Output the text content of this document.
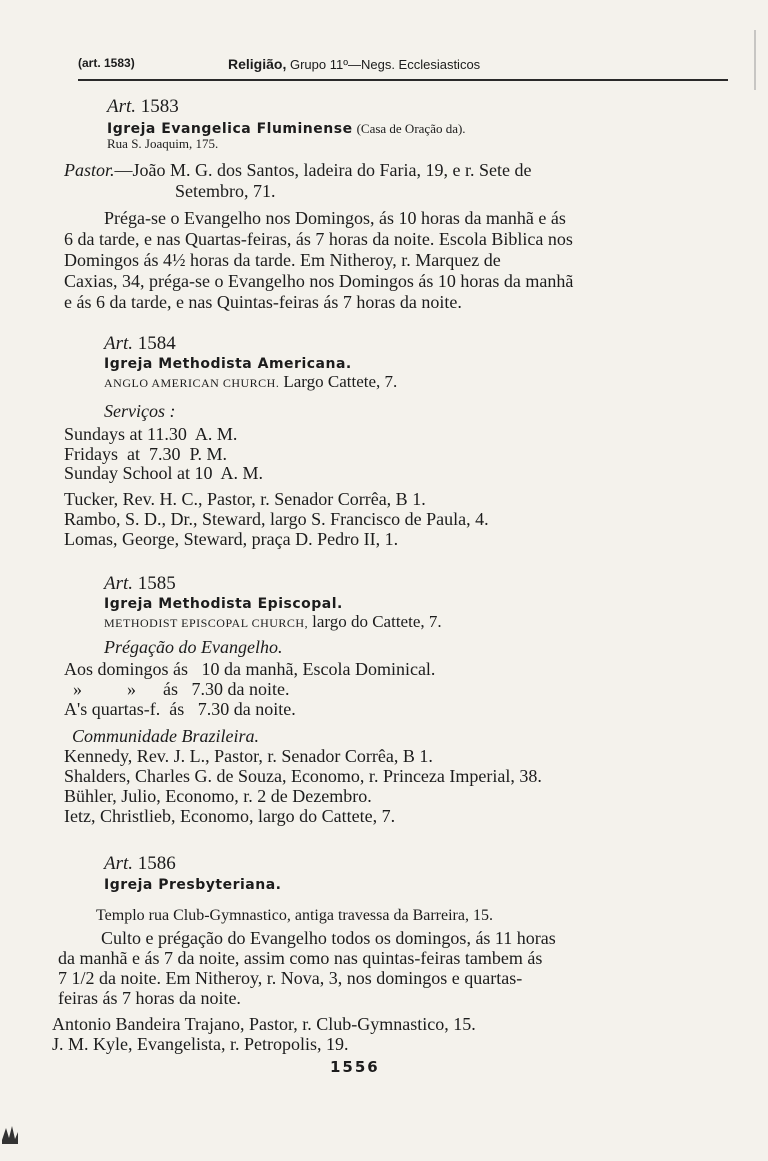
(art. 1583)	Religião, Grupo 11º—Negs. Ecclesiasticos
Art. 1583
Igreja Evangelica Fluminense (Casa de Oração da).
Rua S. Joaquim, 175.
Pastor.—João M. G. dos Santos, ladeira do Faria, 19, e r. Sete de
Setembro, 71.
Préga-se o Evangelho nos Domingos, ás 10 horas da manhã e ás
6 da tarde, e nas Quartas-feiras, ás 7 horas da noite. Escola Biblica nos
Domingos ás 4½ horas da tarde. Em Nitheroy, r. Marquez de
Caxias, 34, préga-se o Evangelho nos Domingos ás 10 horas da manhã
e ás 6 da tarde, e nas Quintas-feiras ás 7 horas da noite.
Art. 1584
Igreja Methodista Americana.
ANGLO AMERICAN CHURCH. Largo Cattete, 7.
Serviços :
Sundays at 11.30  A. M.
Fridays  at  7.30  P. M.
Sunday School at 10  A. M.
Tucker, Rev. H. C., Pastor, r. Senador Corrêa, B 1.
Rambo, S. D., Dr., Steward, largo S. Francisco de Paula, 4.
Lomas, George, Steward, praça D. Pedro II, 1.
Art. 1585
Igreja Methodista Episcopal.
METHODIST EPISCOPAL CHURCH, largo do Cattete, 7.
Prégação do Evangelho.
Aos domingos ás   10 da manhã, Escola Dominical.
»          »      ás   7.30 da noite.
A's quartas-f.  ás   7.30 da noite.
Communidade Brazileira.
Kennedy, Rev. J. L., Pastor, r. Senador Corrêa, B 1.
Shalders, Charles G. de Souza, Economo, r. Princeza Imperial, 38.
Bühler, Julio, Economo, r. 2 de Dezembro.
Ietz, Christlieb, Economo, largo do Cattete, 7.
Art. 1586
Igreja Presbyteriana.
Templo rua Club-Gymnastico, antiga travessa da Barreira, 15.
Culto e prégação do Evangelho todos os domingos, ás 11 horas
da manhã e ás 7 da noite, assim como nas quintas-feiras tambem ás
7 1/2 da noite. Em Nitheroy, r. Nova, 3, nos domingos e quartas-
feiras ás 7 horas da noite.
Antonio Bandeira Trajano, Pastor, r. Club-Gymnastico, 15.
J. M. Kyle, Evangelista, r. Petropolis, 19.
1556
